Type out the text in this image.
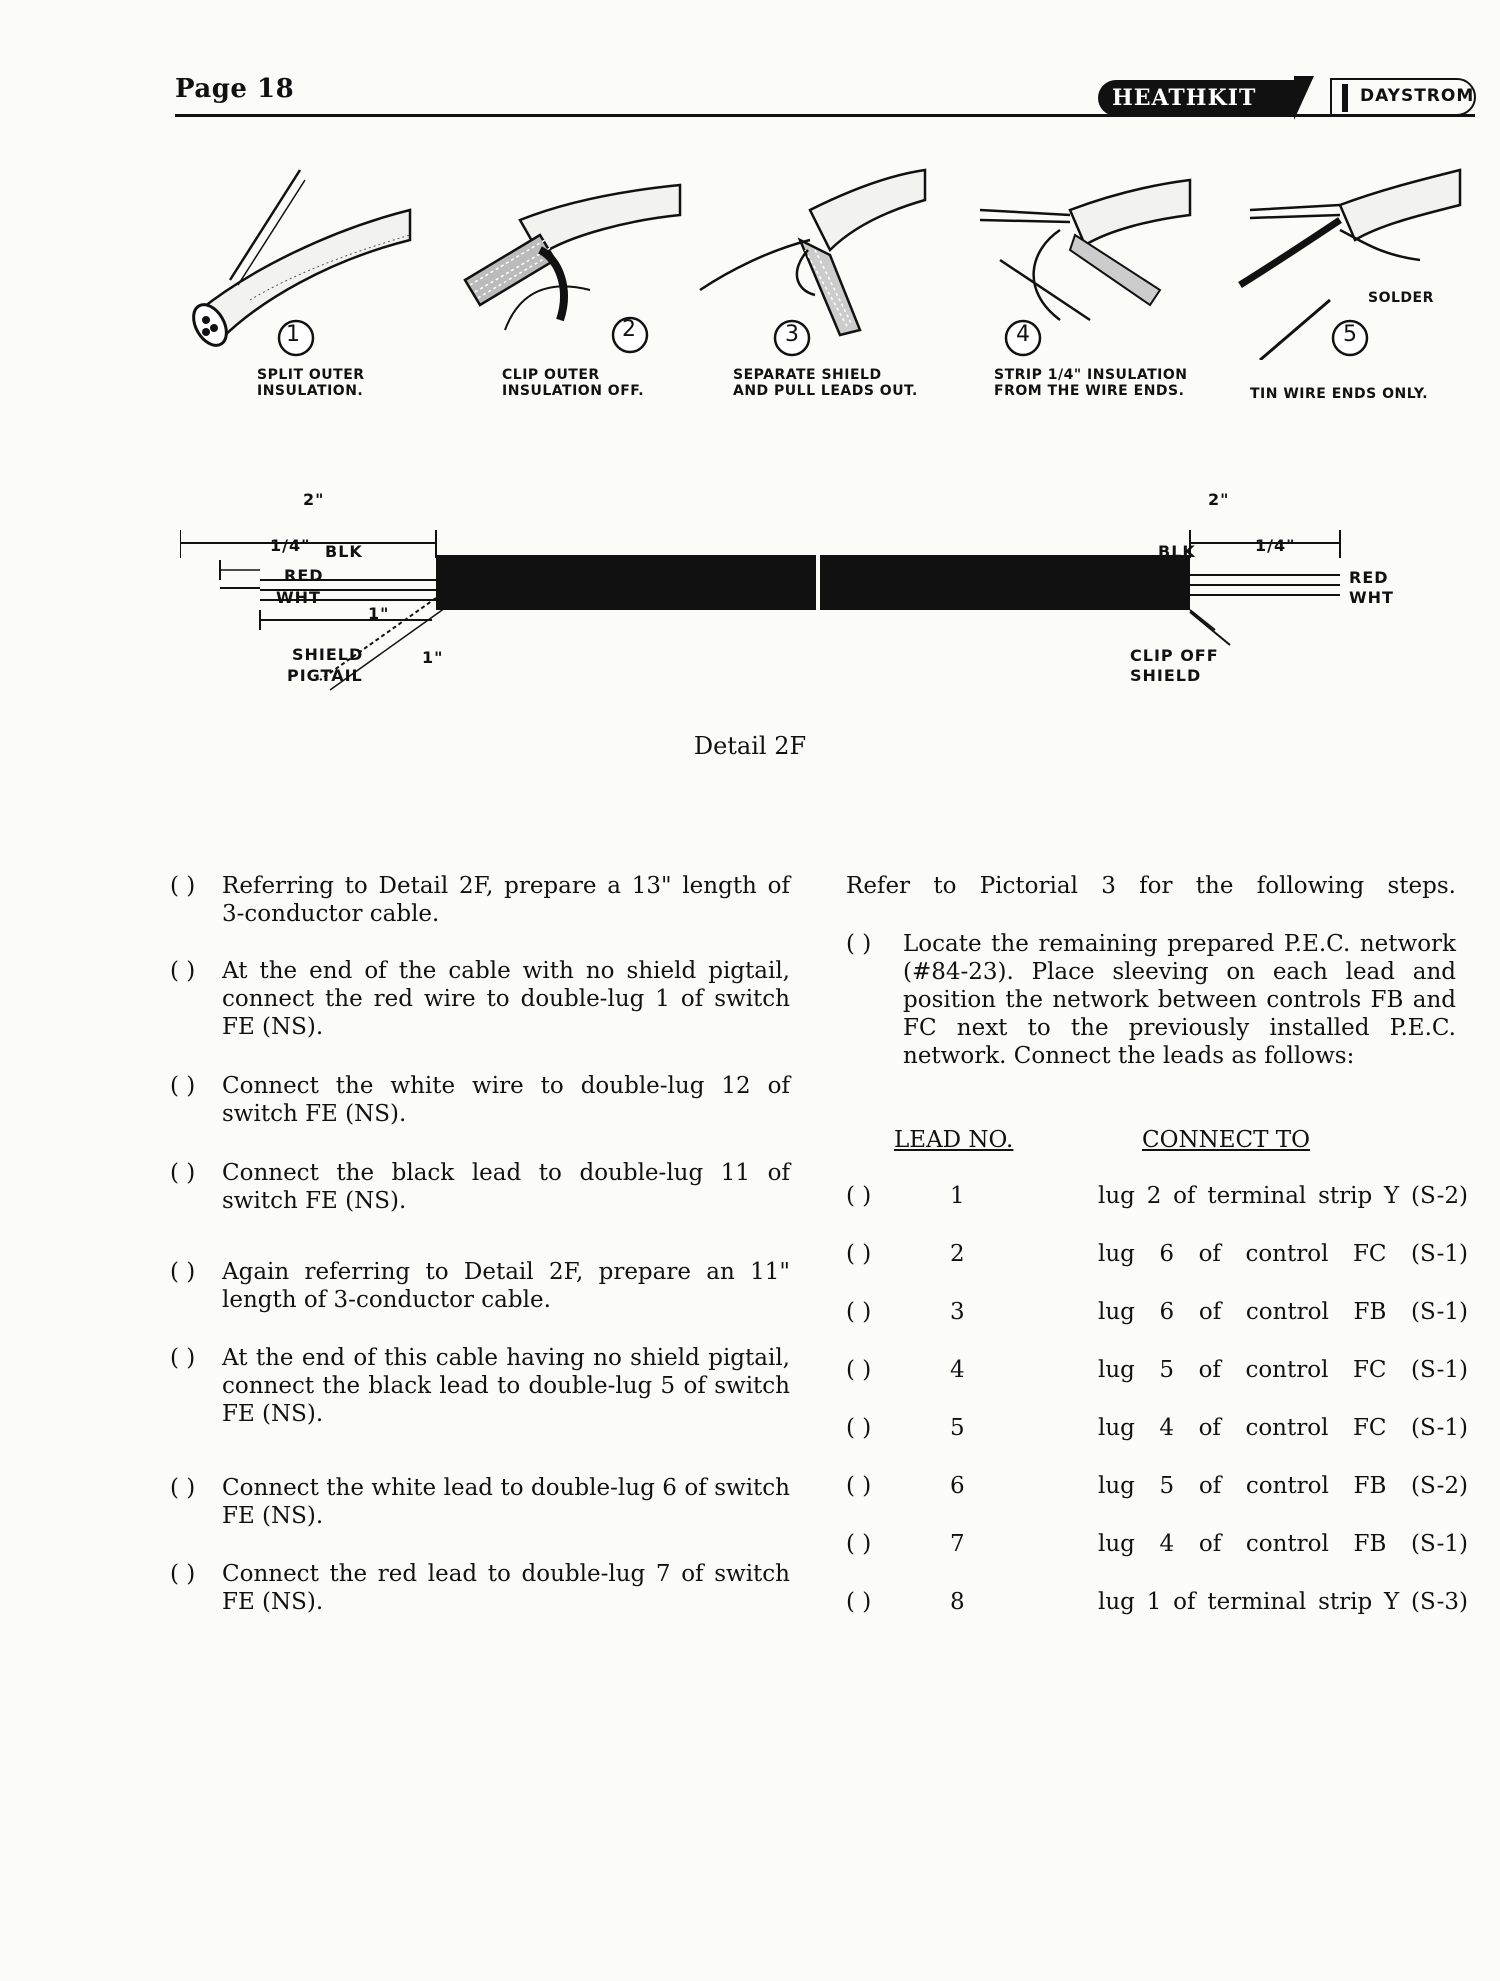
Page 18	HEATHKIT	by	DAYSTROM
1	2	3	4	5
SOLDER
SPLIT OUTER
INSULATION.
CLIP OUTER
INSULATION OFF.
SEPARATE SHIELD
AND PULL LEADS OUT.
STRIP 1/4" INSULATION
FROM THE WIRE ENDS.	TIN WIRE ENDS ONLY.
2"
1/4" BLK
RED
WHT
1"
1"
SHIELD
PIGTAIL
2"
BLK	1/4"
RED
WHT
CLIP OFF
SHIELD
Detail 2F
( )	Referring to Detail 2F, prepare a 13" length of 3-conductor cable.
( )	At the end of the cable with no shield pigtail, connect the red wire to double-lug 1 of switch FE (NS).
( )	Connect the white wire to double-lug 12 of switch FE (NS).
( )	Connect the black lead to double-lug 11 of switch FE (NS).
( )	Again referring to Detail 2F, prepare an 11" length of 3-conductor cable.
( )	At the end of this cable having no shield pigtail, connect the black lead to double-lug 5 of switch FE (NS).
( )	Connect the white lead to double-lug 6 of switch FE (NS).
( )	Connect the red lead to double-lug 7 of switch FE (NS).
Refer to Pictorial 3 for the following steps.
( )	Locate the remaining prepared P.E.C. network (#84-23). Place sleeving on each lead and position the network between controls FB and FC next to the previously installed P.E.C. network. Connect the leads as follows:
LEAD NO.	CONNECT TO
( )	1	lug 2 of terminal strip Y (S-2)
( )	2	lug 6 of control FC (S-1)
( )	3	lug 6 of control FB (S-1)
( )	4	lug 5 of control FC (S-1)
( )	5	lug 4 of control FC (S-1)
( )	6	lug 5 of control FB (S-2)
( )	7	lug 4 of control FB (S-1)
( )	8	lug 1 of terminal strip Y (S-3)
